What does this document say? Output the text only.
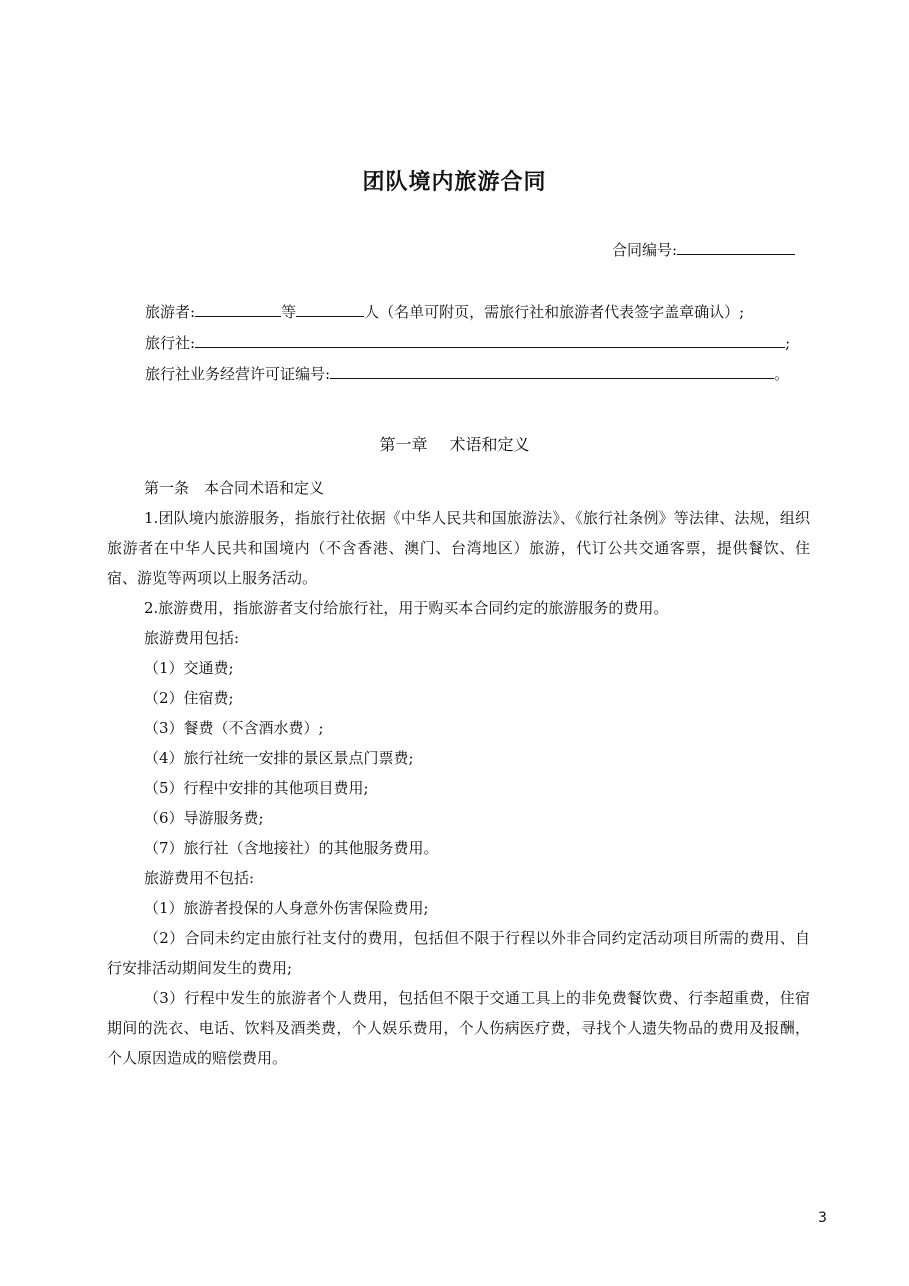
团队境内旅游合同
合同编号:
旅游者:	等	人（名单可附页，需旅行社和旅游者代表签字盖章确认）;
旅行社:	;
旅行社业务经营许可证编号:	。
第一章 术语和定义

第一条　本合同术语和定义

1.团队境内旅游服务，指旅行社依据《中华人民共和国旅游法》、《旅行社条例》等法律、法规，组织旅游者在中华人民共和国境内（不含香港、澳门、台湾地区）旅游，代订公共交通客票，提供餐饮、住宿、游览等两项以上服务活动。

2.旅游费用，指旅游者支付给旅行社，用于购买本合同约定的旅游服务的费用。

旅游费用包括:

（1）交通费;

（2）住宿费;

（3）餐费（不含酒水费）;

（4）旅行社统一安排的景区景点门票费;

（5）行程中安排的其他项目费用;

（6）导游服务费;

（7）旅行社（含地接社）的其他服务费用。

旅游费用不包括:

（1）旅游者投保的人身意外伤害保险费用;

（2）合同未约定由旅行社支付的费用，包括但不限于行程以外非合同约定活动项目所需的费用、自行安排活动期间发生的费用;

（3）行程中发生的旅游者个人费用，包括但不限于交通工具上的非免费餐饮费、行李超重费，住宿期间的洗衣、电话、饮料及酒类费，个人娱乐费用，个人伤病医疗费，寻找个人遗失物品的费用及报酬，个人原因造成的赔偿费用。

3
